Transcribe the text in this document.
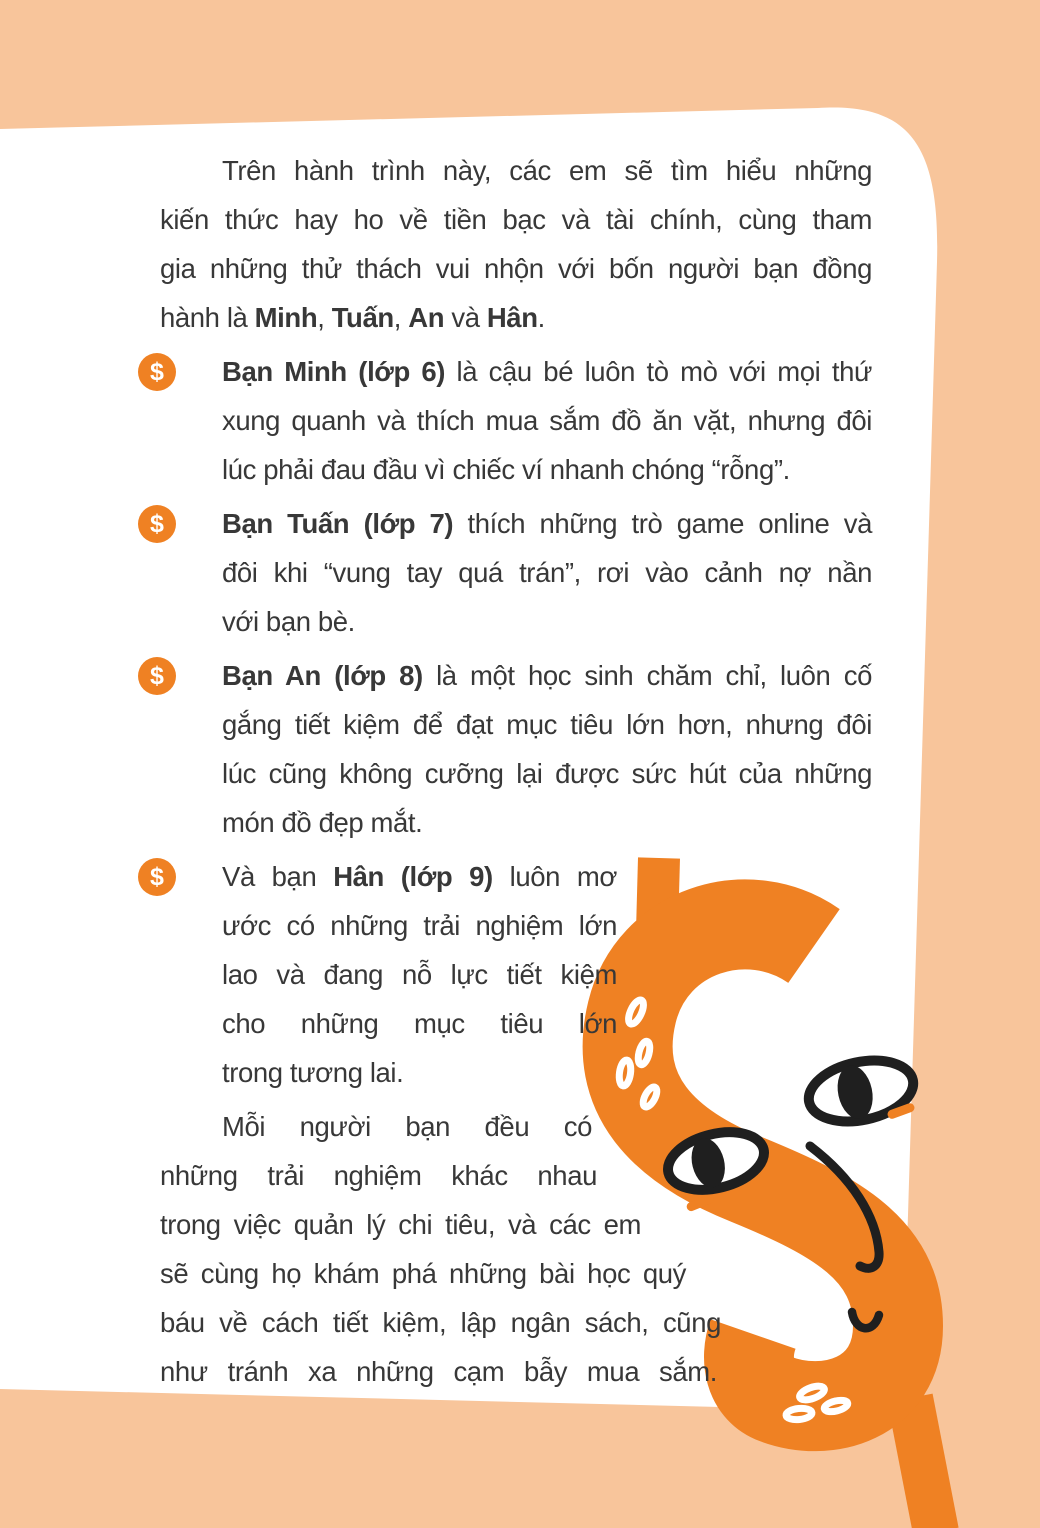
Trên hành trình này, các em sẽ tìm hiểu những
kiến thức hay ho về tiền bạc và tài chính, cùng tham
gia những thử thách vui nhộn với bốn người bạn đồng
hành là Minh, Tuấn, An và Hân.
$	Bạn Minh (lớp 6) là cậu bé luôn tò mò với mọi thứ
xung quanh và thích mua sắm đồ ăn vặt, nhưng đôi
lúc phải đau đầu vì chiếc ví nhanh chóng “rỗng”.
$	Bạn Tuấn (lớp 7) thích những trò game online và
đôi khi “vung tay quá trán”, rơi vào cảnh nợ nần
với bạn bè.
$	Bạn An (lớp 8) là một học sinh chăm chỉ, luôn cố
gắng tiết kiệm để đạt mục tiêu lớn hơn, nhưng đôi
lúc cũng không cưỡng lại được sức hút của những
món đồ đẹp mắt.
$	Và bạn Hân (lớp 9) luôn mơ
ước có những trải nghiệm lớn
lao và đang nỗ lực tiết kiệm
cho những mục tiêu lớn
trong tương lai.
Mỗi người bạn đều có
những trải nghiệm khác nhau
trong việc quản lý chi tiêu, và các em
sẽ cùng họ khám phá những bài học quý
báu về cách tiết kiệm, lập ngân sách, cũng
như tránh xa những cạm bẫy mua sắm.
